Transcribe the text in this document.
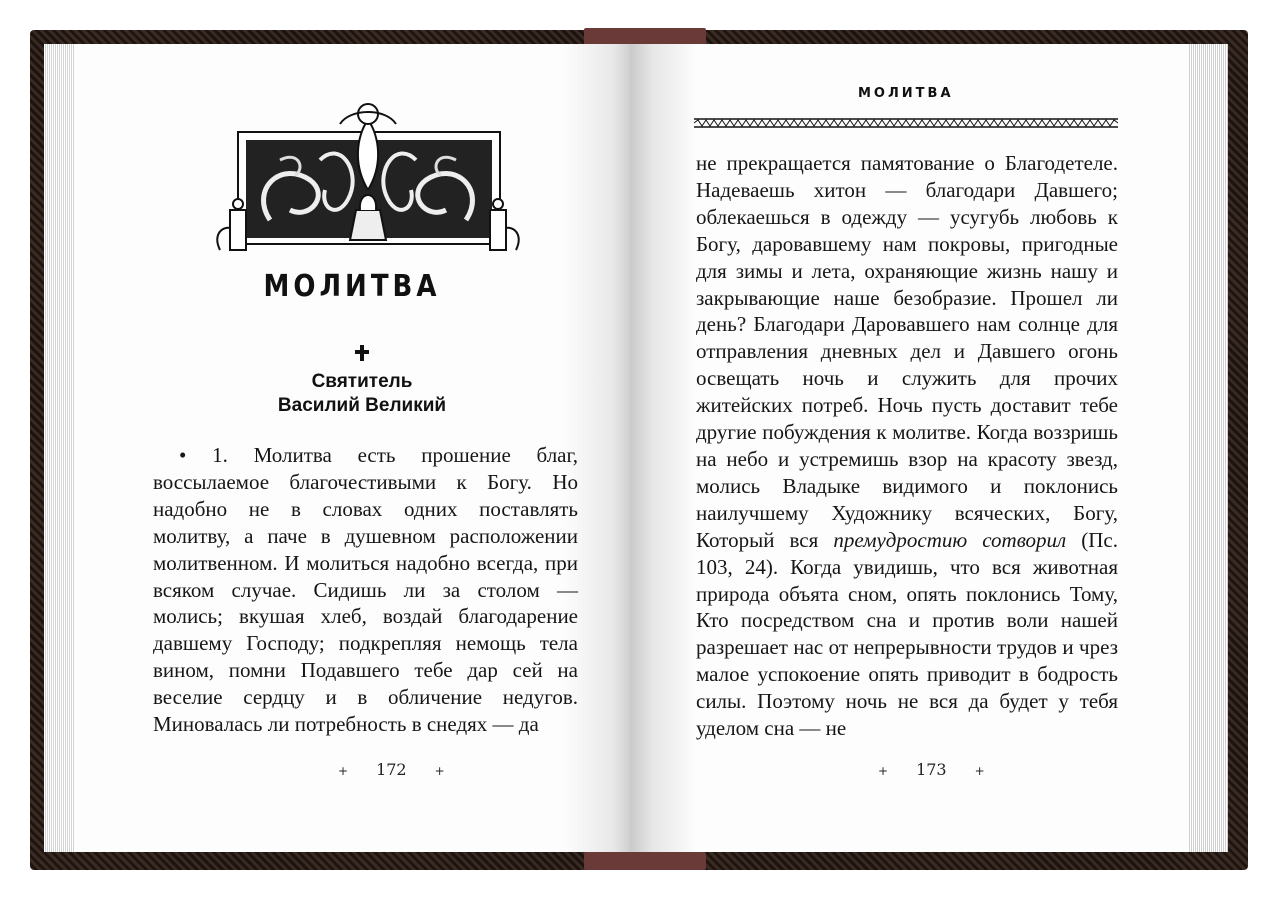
МОЛИТВА
Святитель
Василий Великий

• 1. Молитва есть прошение благ, воссылаемое благочестивыми к Богу. Но надобно не в словах одних поставлять молитву, а паче в душевном расположении молитвенном. И молиться надобно всегда, при всяком случае. Сидишь ли за столом — молись; вкушая хлеб, воздай благодарение давшему Господу; подкрепляя немощь тела вином, помни Подавшего тебе дар сей на веселие сердцу и в обличение недугов. Миновалась ли потребность в снедях — да

+ 172 +
МОЛИТВА

не прекращается памятование о Благодетеле. Надеваешь хитон — благодари Давшего; облекаешься в одежду — усугубь любовь к Богу, даровавшему нам покровы, пригодные для зимы и лета, охраняющие жизнь нашу и закрывающие наше безобразие. Прошел ли день? Благодари Даровавшего нам солнце для отправления дневных дел и Давшего огонь освещать ночь и служить для прочих житейских потреб. Ночь пусть доставит тебе другие побуждения к молитве. Когда воззришь на небо и устремишь взор на красоту звезд, молись Владыке видимого и поклонись наилучшему Художнику всяческих, Богу, Который вся премудростию сотворил (Пс. 103, 24). Когда увидишь, что вся животная природа объята сном, опять поклонись Тому, Кто посредством сна и против воли нашей разрешает нас от непрерывности трудов и чрез малое успокоение опять приводит в бодрость силы. Поэтому ночь не вся да будет у тебя уделом сна — не

+ 173 +
